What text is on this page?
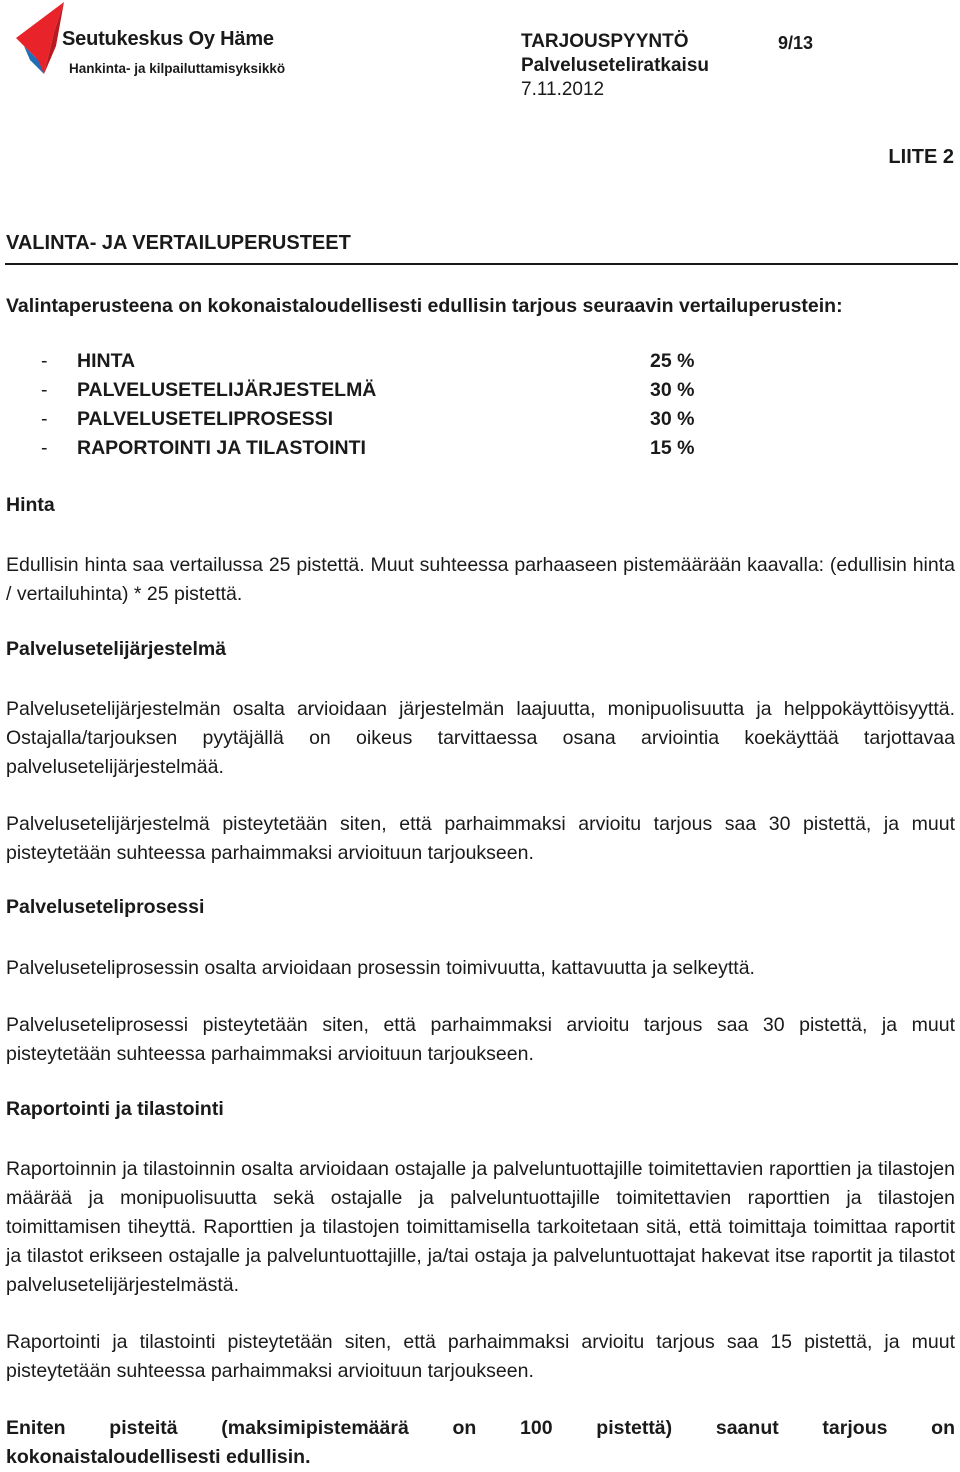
Seutukeskus Oy Häme
Hankinta- ja kilpailuttamisyksikkö
TARJOUSPYYNTÖ	9/13
Palveluseteliratkaisu
7.11.2012
LIITE 2
VALINTA- JA VERTAILUPERUSTEET
Valintaperusteena on kokonaistaloudellisesti edullisin tarjous seuraavin vertailuperustein:
- HINTA	25 %
- PALVELUSETELIJÄRJESTELMÄ	30 %
- PALVELUSETELIPROSESSI	30 %
- RAPORTOINTI JA TILASTOINTI	15 %
Hinta
Edullisin hinta saa vertailussa 25 pistettä. Muut suhteessa parhaaseen pistemäärään kaavalla: (edullisin hinta / vertailuhinta) * 25 pistettä.
Palvelusetelijärjestelmä
Palvelusetelijärjestelmän osalta arvioidaan järjestelmän laajuutta, monipuolisuutta ja helppokäyttöisyyttä. Ostajalla/tarjouksen pyytäjällä on oikeus tarvittaessa osana arviointia koekäyttää tarjottavaa palvelusetelijärjestelmää.
Palvelusetelijärjestelmä pisteytetään siten, että parhaimmaksi arvioitu tarjous saa 30 pistettä, ja muut pisteytetään suhteessa parhaimmaksi arvioituun tarjoukseen.
Palveluseteliprosessi
Palveluseteliprosessin osalta arvioidaan prosessin toimivuutta, kattavuutta ja selkeyttä.
Palveluseteliprosessi pisteytetään siten, että parhaimmaksi arvioitu tarjous saa 30 pistettä, ja muut pisteytetään suhteessa parhaimmaksi arvioituun tarjoukseen.
Raportointi ja tilastointi
Raportoinnin ja tilastoinnin osalta arvioidaan ostajalle ja palveluntuottajille toimitettavien raporttien ja tilastojen määrää ja monipuolisuutta sekä ostajalle ja palveluntuottajille toimitettavien raporttien ja tilastojen toimittamisen tiheyttä. Raporttien ja tilastojen toimittamisella tarkoitetaan sitä, että toimittaja toimittaa raportit ja tilastot erikseen ostajalle ja palveluntuottajille, ja/tai ostaja ja palveluntuottajat hakevat itse raportit ja tilastot palvelusetelijärjestelmästä.
Raportointi ja tilastointi pisteytetään siten, että parhaimmaksi arvioitu tarjous saa 15 pistettä, ja muut pisteytetään suhteessa parhaimmaksi arvioituun tarjoukseen.
Eniten pisteitä (maksimipistemäärä on 100 pistettä) saanut tarjous on
kokonaistaloudellisesti edullisin.
